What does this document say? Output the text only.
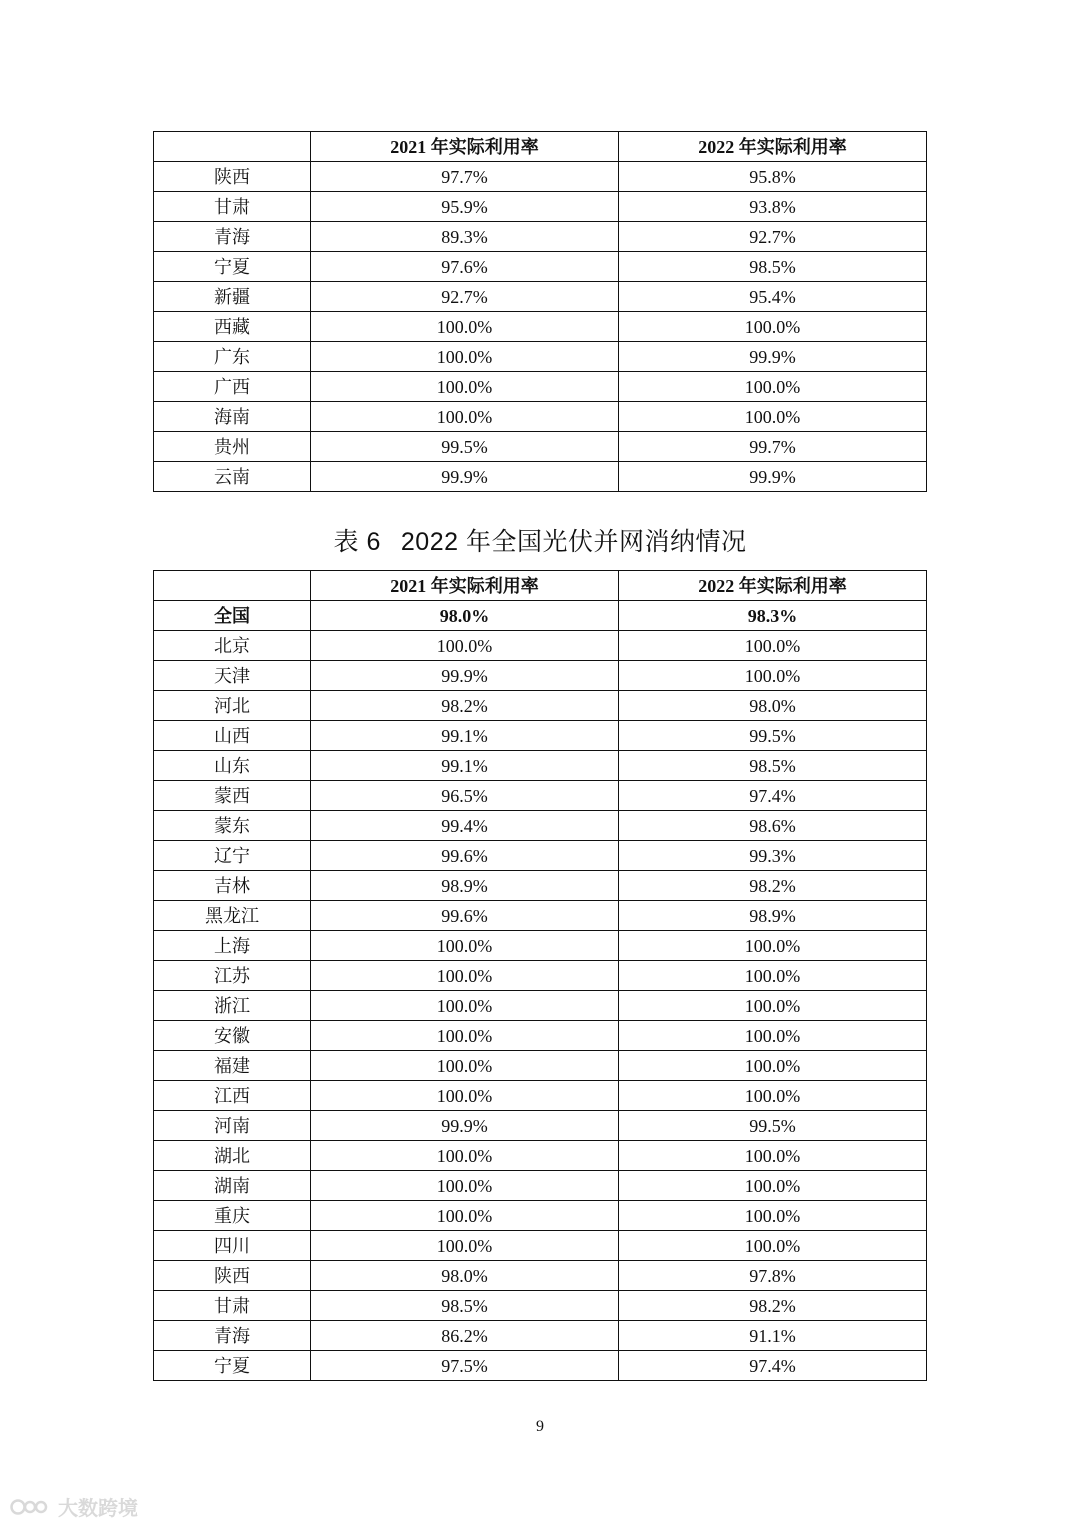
	2021 年实际利用率	2022 年实际利用率
陕西	97.7%	95.8%
甘肃	95.9%	93.8%
青海	89.3%	92.7%
宁夏	97.6%	98.5%
新疆	92.7%	95.4%
西藏	100.0%	100.0%
广东	100.0%	99.9%
广西	100.0%	100.0%
海南	100.0%	100.0%
贵州	99.5%	99.7%
云南	99.9%	99.9%
表 6 2022 年全国光伏并网消纳情况
	2021 年实际利用率	2022 年实际利用率
全国	98.0%	98.3%
北京	100.0%	100.0%
天津	99.9%	100.0%
河北	98.2%	98.0%
山西	99.1%	99.5%
山东	99.1%	98.5%
蒙西	96.5%	97.4%
蒙东	99.4%	98.6%
辽宁	99.6%	99.3%
吉林	98.9%	98.2%
黑龙江	99.6%	98.9%
上海	100.0%	100.0%
江苏	100.0%	100.0%
浙江	100.0%	100.0%
安徽	100.0%	100.0%
福建	100.0%	100.0%
江西	100.0%	100.0%
河南	99.9%	99.5%
湖北	100.0%	100.0%
湖南	100.0%	100.0%
重庆	100.0%	100.0%
四川	100.0%	100.0%
陕西	98.0%	97.8%
甘肃	98.5%	98.2%
青海	86.2%	91.1%
宁夏	97.5%	97.4%
9
大数跨境
